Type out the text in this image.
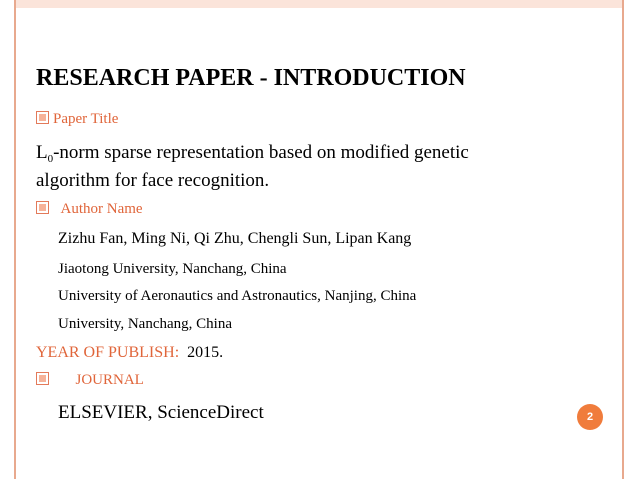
RESEARCH PAPER - INTRODUCTION
Paper Title
$L_0$-norm sparse representation based on modified genetic
algorithm for face recognition.
Author Name
Zizhu Fan, Ming Ni, Qi Zhu, Chengli Sun, Lipan Kang
Jiaotong University, Nanchang, China
University of Aeronautics and Astronautics, Nanjing, China
University, Nanchang, China
YEAR OF PUBLISH: 2015.
JOURNAL
ELSEVIER, ScienceDirect	2
